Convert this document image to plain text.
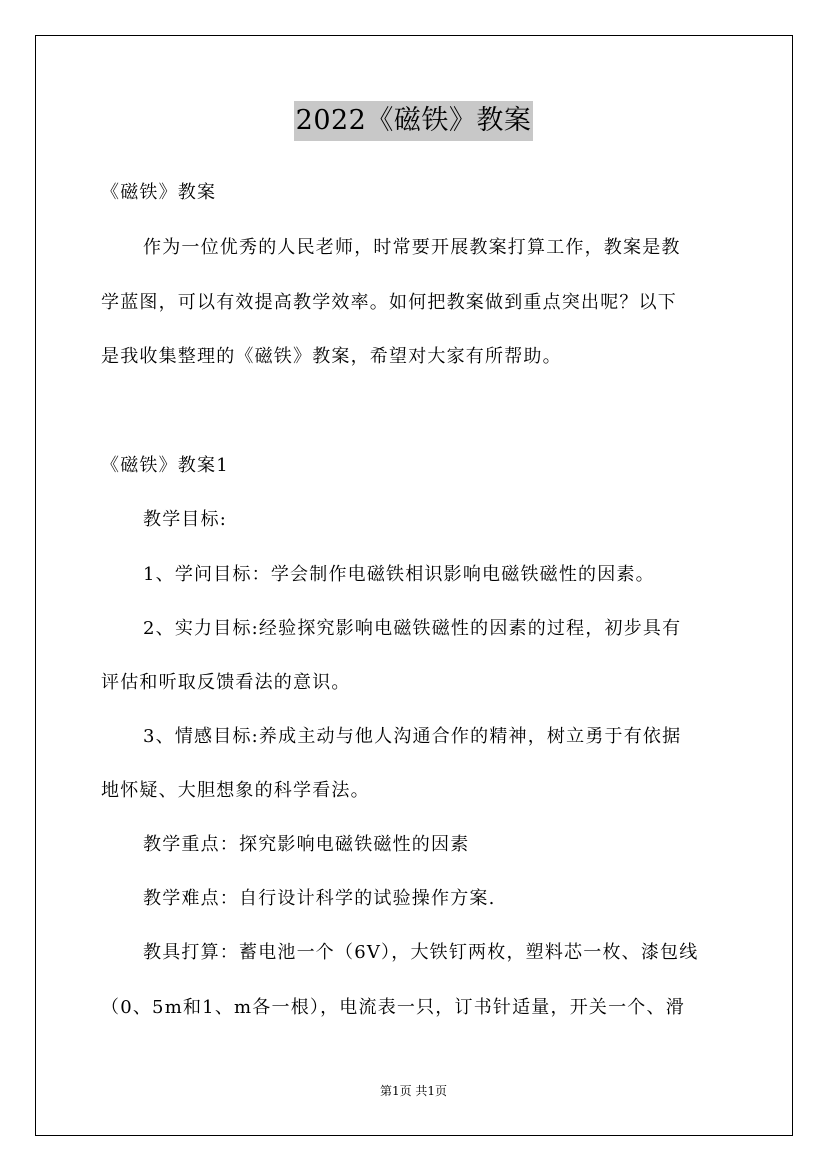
2022《磁铁》教案
《磁铁》教案
作为一位优秀的人民老师，时常要开展教案打算工作，教案是教
学蓝图，可以有效提高教学效率。如何把教案做到重点突出呢？以下
是我收集整理的《磁铁》教案，希望对大家有所帮助。
《磁铁》教案1
教学目标:
1、学问目标：学会制作电磁铁相识影响电磁铁磁性的因素。
2、实力目标:经验探究影响电磁铁磁性的因素的过程，初步具有
评估和听取反馈看法的意识。
3、情感目标:养成主动与他人沟通合作的精神，树立勇于有依据
地怀疑、大胆想象的科学看法。
教学重点：探究影响电磁铁磁性的因素
教学难点：自行设计科学的试验操作方案.
教具打算：蓄电池一个（6V），大铁钉两枚，塑料芯一枚、漆包线
（0、5m和1、m各一根），电流表一只，订书针适量，开关一个、滑
第1页 共1页
